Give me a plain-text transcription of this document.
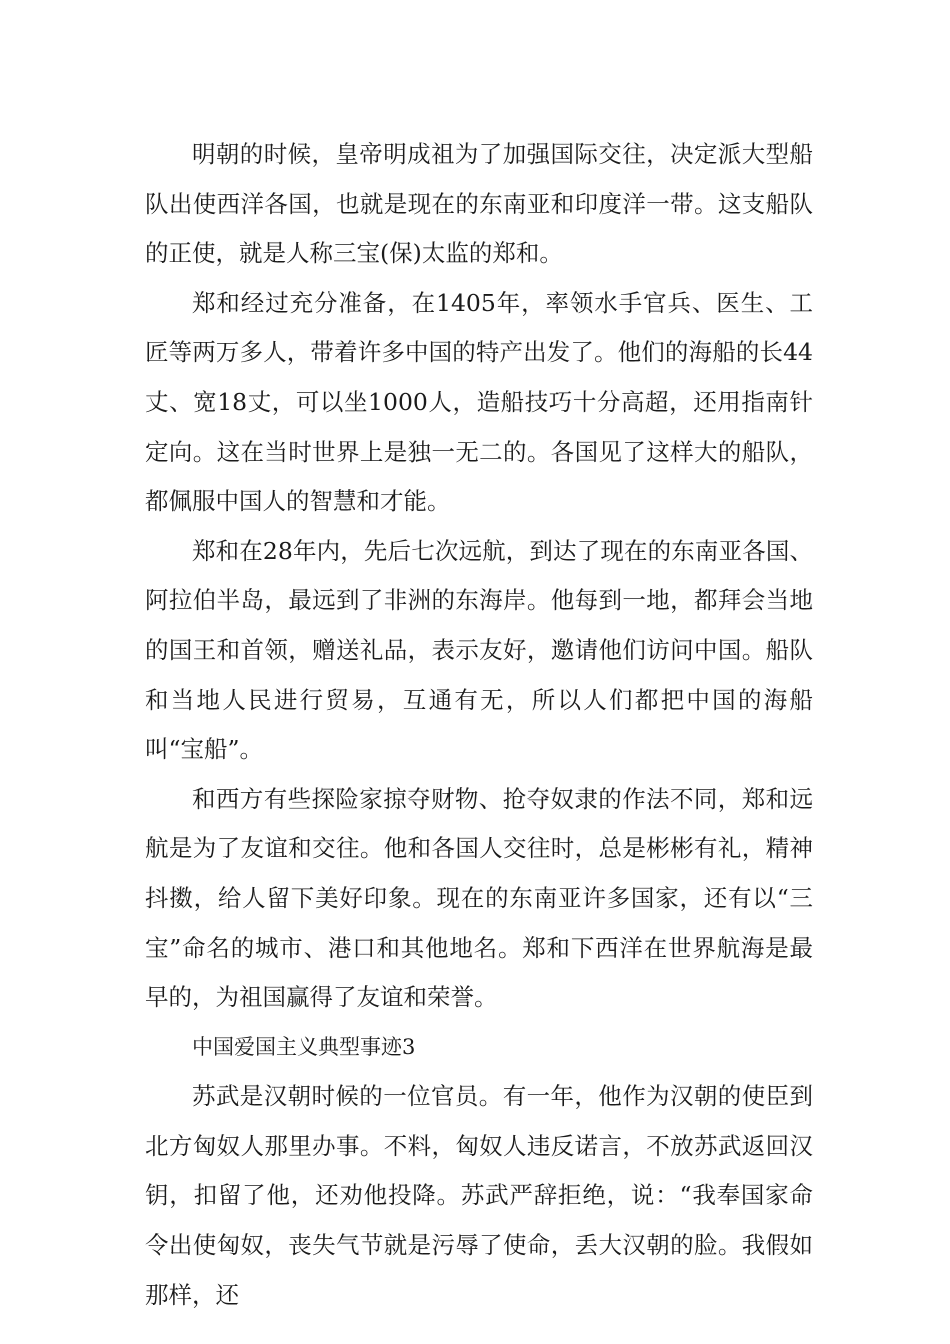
明朝的时候，皇帝明成祖为了加强国际交往，决定派大型船队出使西洋各国，也就是现在的东南亚和印度洋一带。这支船队的正使，就是人称三宝(保)太监的郑和。

郑和经过充分准备，在1405年，率领水手官兵、医生、工匠等两万多人，带着许多中国的特产出发了。他们的海船的长44丈、宽18丈，可以坐1000人，造船技巧十分高超，还用指南针定向。这在当时世界上是独一无二的。各国见了这样大的船队，都佩服中国人的智慧和才能。

郑和在28年内，先后七次远航，到达了现在的东南亚各国、阿拉伯半岛，最远到了非洲的东海岸。他每到一地，都拜会当地的国王和首领，赠送礼品，表示友好，邀请他们访问中国。船队和当地人民进行贸易，互通有无，所以人们都把中国的海船叫“宝船”。

和西方有些探险家掠夺财物、抢夺奴隶的作法不同，郑和远航是为了友谊和交往。他和各国人交往时，总是彬彬有礼，精神抖擞，给人留下美好印象。现在的东南亚许多国家，还有以“三宝”命名的城市、港口和其他地名。郑和下西洋在世界航海是最早的，为祖国赢得了友谊和荣誉。

中国爱国主义典型事迹3

苏武是汉朝时候的一位官员。有一年，他作为汉朝的使臣到北方匈奴人那里办事。不料，匈奴人违反诺言，不放苏武返回汉钥，扣留了他，还劝他投降。苏武严辞拒绝，说：“我奉国家命令出使匈奴，丧失气节就是污辱了使命，丢大汉朝的脸。我假如那样，还
